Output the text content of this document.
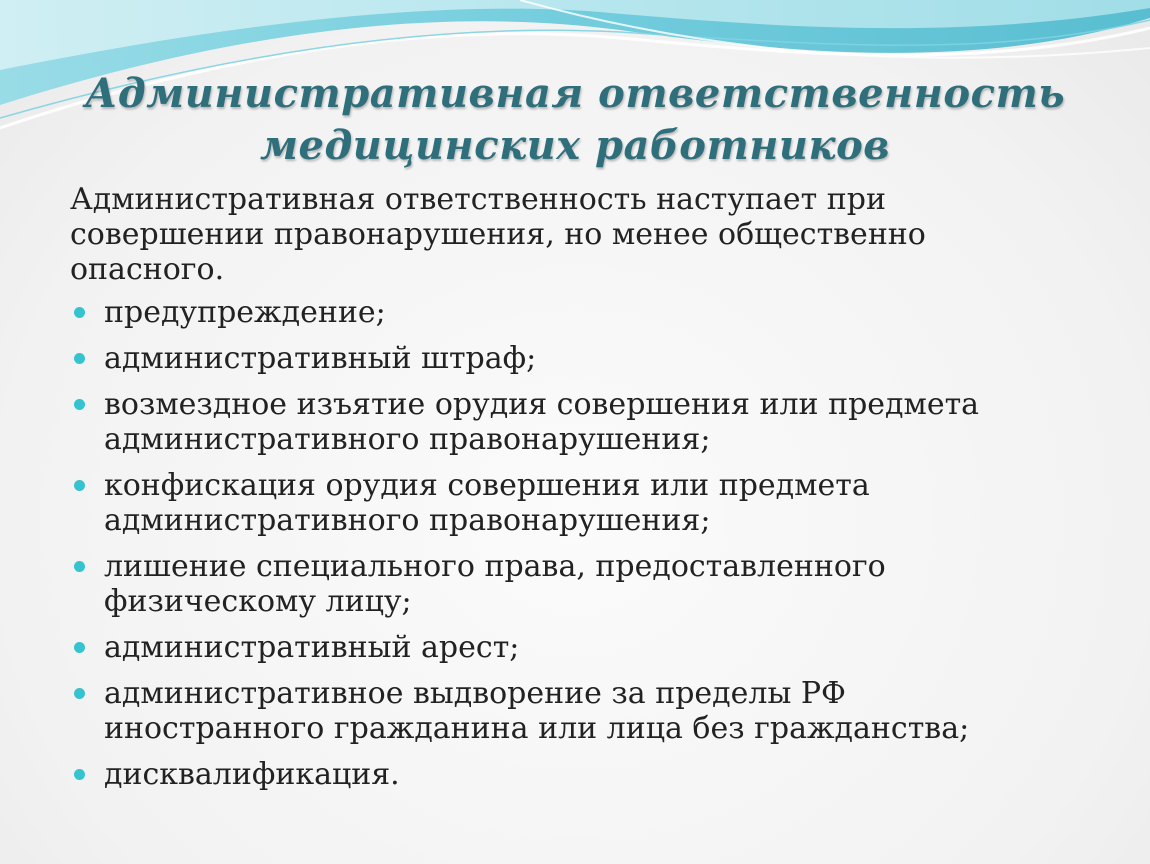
Административная ответственность
медицинских работников

Административная ответственность наступает при совершении правонарушения, но менее общественно опасного.

предупреждение;
административный штраф;
возмездное изъятие орудия совершения или предмета административного правонарушения;
конфискация орудия совершения или предмета административного правонарушения;
лишение специального права, предоставленного физическому лицу;
административный арест;
административное выдворение за пределы РФ иностранного гражданина или лица без гражданства;
дисквалификация.
